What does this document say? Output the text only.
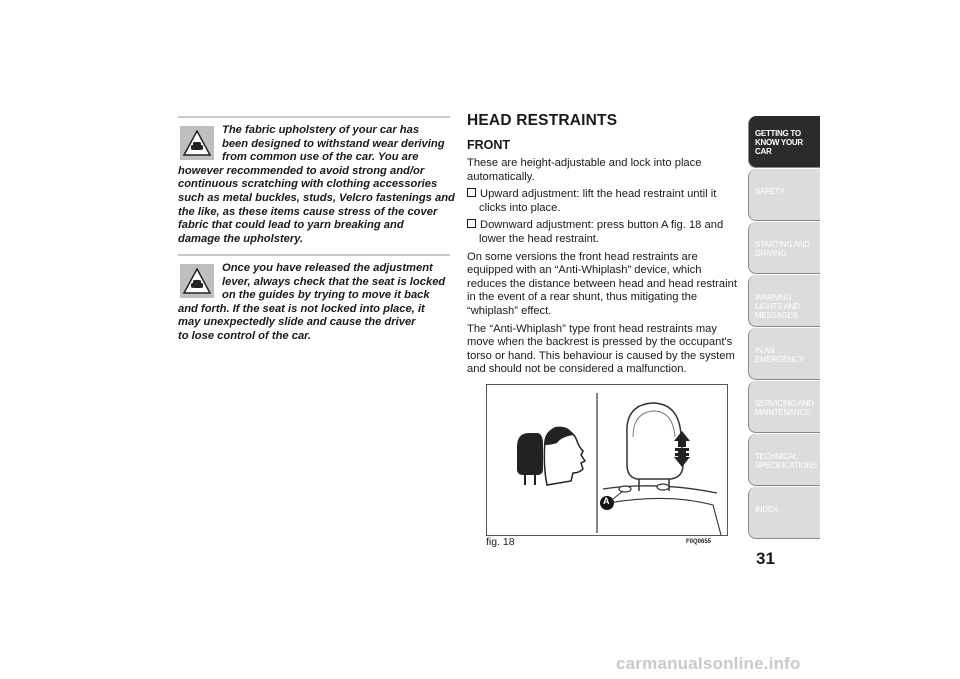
The fabric upholstery of your car has
been designed to withstand wear deriving
from common use of the car. You are
however recommended to avoid strong and/or
continuous scratching with clothing accessories
such as metal buckles, studs, Velcro fastenings and
the like, as these items cause stress of the cover
fabric that could lead to yarn breaking and
damage the upholstery.
Once you have released the adjustment
lever, always check that the seat is locked
on the guides by trying to move it back
and forth. If the seat is not locked into place, it
may unexpectedly slide and cause the driver
to lose control of the car.
HEAD RESTRAINTS
FRONT

These are height-adjustable and lock into place automatically.

Upward adjustment: lift the head restraint until it clicks into place.

Downward adjustment: press button A fig. 18 and lower the head restraint.

On some versions the front head restraints are equipped with an “Anti-Whiplash” device, which reduces the distance between head and head restraint in the event of a rear shunt, thus mitigating the “whiplash” effect.

The “Anti-Whiplash” type front head restraints may move when the backrest is pressed by the occupant's torso or hand. This behaviour is caused by the system and should not be considered a malfunction.

A
fig. 18	F0Q0655
GETTING TO KNOW YOUR CAR
SAFETY
STARTING AND DRIVING
WARNING LIGHTS AND MESSAGES
IN AN EMERGENCY
SERVICING AND MAINTENANCE
TECHNICAL SPECIFICATIONS
INDEX
31
carmanualsonline.info
